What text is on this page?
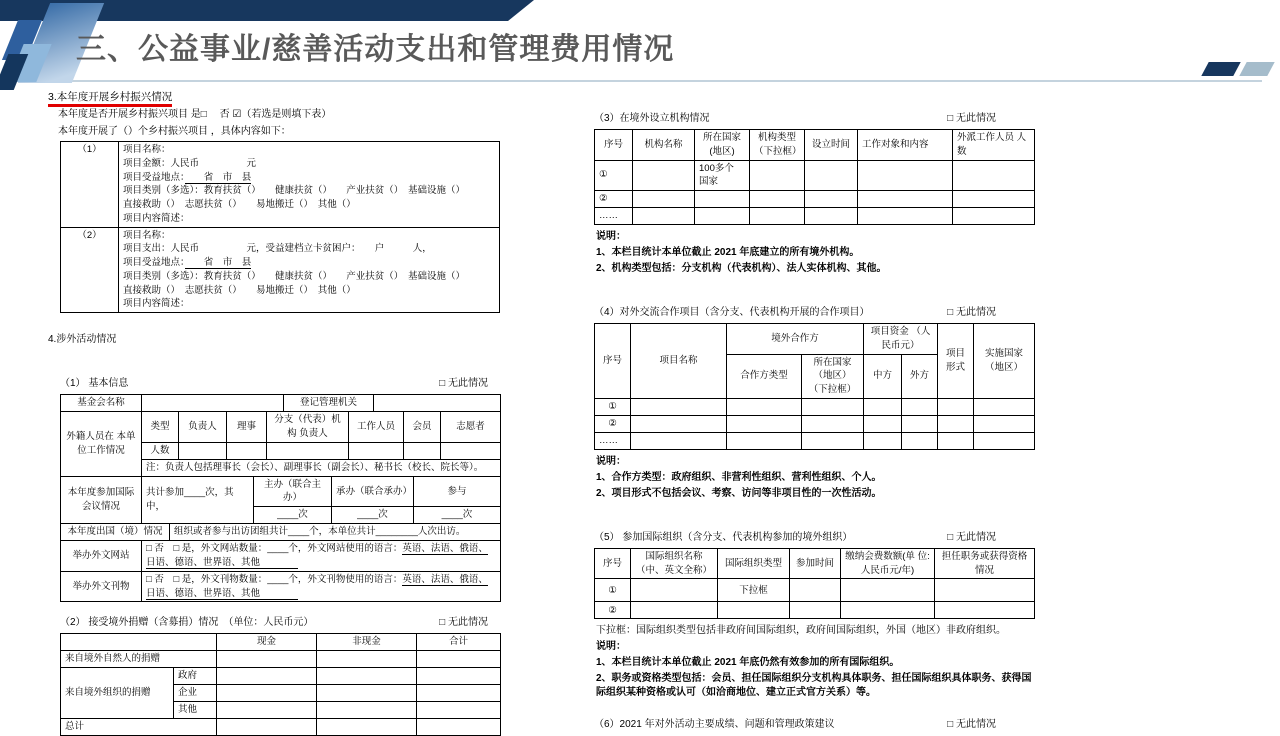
三、公益事业/慈善活动支出和管理费用情况
3.本年度开展乡村振兴情况
本年度是否开展乡村振兴项目 是□　 否 ☑（若选是则填下表）
本年度开展了（）个乡村振兴项目 ，具体内容如下：
（1）	项目名称：
项目金额：人民币　　　　　元
项目受益地点：　　省　市　县
项目类别（多选）：教育扶贫（）　　健康扶贫（）　　产业扶贫（）　基础设施（）
直接救助（）　志愿扶贫（）　　易地搬迁（）　其他（）
项目内容简述：

（2）	项目名称：
项目支出：人民币　　　　　元，受益建档立卡贫困户：　　户　　　人，
项目受益地点：　　省　市　县
项目类别（多选）：教育扶贫（）　　健康扶贫（）　　产业扶贫（）　基础设施（）
直接救助（）　志愿扶贫（）　　易地搬迁（）　其他（）
项目内容简述：
4.涉外活动情况
（1） 基本信息	□ 无此情况
基金会名称		登记管理机关	
外籍人员在 本单位工作情况	类型	负责人	理事	分支（代表）机构 负责人	工作人员	会员	志愿者
	人数						
	注：负责人包括理事长（会长）、副理事长（副会长）、秘书长（校长、院长等）。						
本年度参加国际 会议情况	共计参加____次，其中，	主办（联合主办）	承办（联合承办）	参与
		____次	____次	____次
本年度出国（境）情况	组织或者参与出访团组共计____个，本单位共计________人次出访。
举办外文网站	□ 否　□ 是，外文网站数量：____个，外文网站使用的语言：英语、法语、俄语、日语、德语、世界语、其他　　　　
举办外文刊物	□ 否　□ 是，外文刊物数量：____个，外文刊物使用的语言：英语、法语、俄语、日语、德语、世界语、其他　　　　
（2） 接受境外捐赠（含募捐）情况　（单位：人民币元）	□ 无此情况
		现金	非现金	合计
来自境外自然人的捐赠				
来自境外组织的捐赠	政府			
	企业			
	其他			
总计				
（3）在境外设立机构情况	□ 无此情况
序号	机构名称	所在国家(地区)	机构类型 （下拉框）	设立时间	工作对象和内容	外派工作人员 人数
①		100多个 国家				
②						
……						
说明：
1、本栏目统计本单位截止 2021 年底建立的所有境外机构。
2、机构类型包括：分支机构（代表机构）、法人实体机构、其他。
（4）对外交流合作项目（含分支、代表机构开展的合作项目）	□ 无此情况
序号	项目名称	境外合作方		项目资金 （人民币元）		项目 形式	实施国家（地区）
		合作方类型	所在国家 （地区） （下拉框）	中方	外方		
①							
②							
……							
说明：
1、合作方类型：政府组织、非营利性组织、营利性组织、个人。
2、项目形式不包括会议、考察、访问等非项目性的一次性活动。
（5） 参加国际组织（含分支、代表机构参加的境外组织）	□ 无此情况
序号	国际组织名称 （中、英文全称）	国际组织类型	参加时间	缴纳会费数额(单 位:人民币元/年)	担任职务或获得资格情况
①		下拉框			
②					
下拉框：国际组织类型包括非政府间国际组织，政府间国际组织，外国（地区）非政府组织。
说明：
1、本栏目统计本单位截止 2021 年底仍然有效参加的所有国际组织。
2、职务或资格类型包括：会员、担任国际组织分支机构具体职务、担任国际组织具体职务、获得国际组织某种资格或认可（如洽商地位、建立正式官方关系）等。
（6）2021 年对外活动主要成绩、问题和管理政策建议	□ 无此情况
